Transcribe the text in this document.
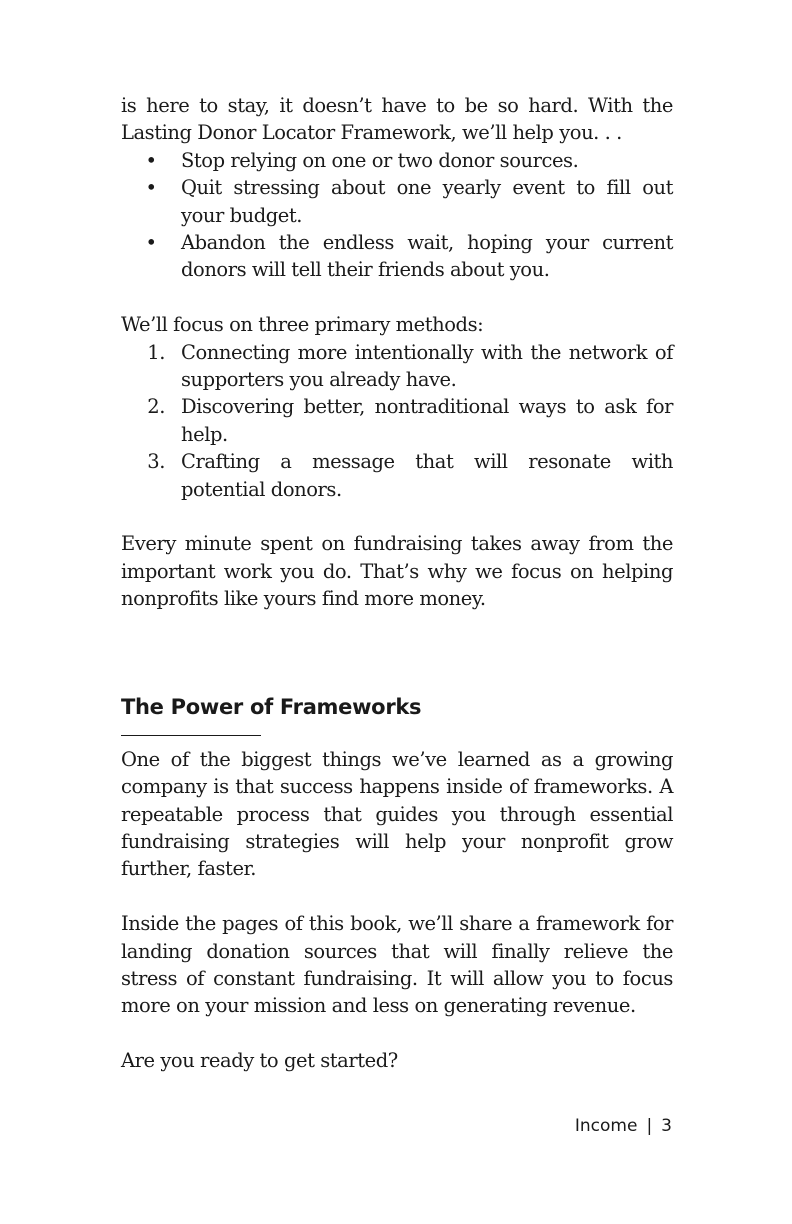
is here to stay, it doesn’t have to be so hard. With the Lasting Donor Locator Framework, we’ll help you. . .

• Stop relying on one or two donor sources.
• Quit stressing about one yearly event to fill out your budget.
• Abandon the endless wait, hoping your current donors will tell their friends about you.

We’ll focus on three primary methods:

1. Connecting more intentionally with the network of supporters you already have.
2. Discovering better, nontraditional ways to ask for help.
3. Crafting a message that will resonate with potential donors.

Every minute spent on fundraising takes away from the important work you do. That’s why we focus on helping nonprofits like yours find more money.

The Power of Frameworks

One of the biggest things we’ve learned as a growing company is that success happens inside of frameworks. A repeatable process that guides you through essential fundraising strategies will help your nonprofit grow further, faster.

Inside the pages of this book, we’ll share a framework for landing donation sources that will finally relieve the stress of constant fundraising. It will allow you to focus more on your mission and less on generating revenue.

Are you ready to get started?

Income | 3
